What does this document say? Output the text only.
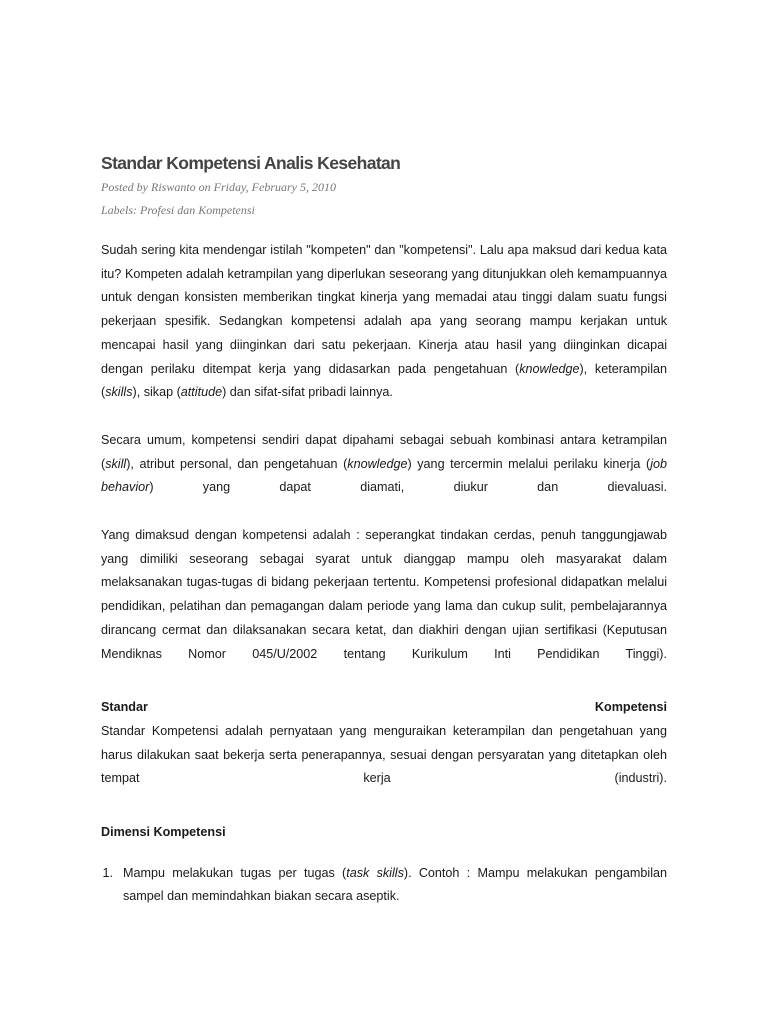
Standar Kompetensi Analis Kesehatan
Posted by Riswanto on Friday, February 5, 2010
Labels: Profesi dan Kompetensi

Sudah sering kita mendengar istilah "kompeten" dan "kompetensi". Lalu apa maksud dari kedua kata itu? Kompeten adalah ketrampilan yang diperlukan seseorang yang ditunjukkan oleh kemampuannya untuk dengan konsisten memberikan tingkat kinerja yang memadai atau tinggi dalam suatu fungsi pekerjaan spesifik. Sedangkan kompetensi adalah apa yang seorang mampu kerjakan untuk mencapai hasil yang diinginkan dari satu pekerjaan. Kinerja atau hasil yang diinginkan dicapai dengan perilaku ditempat kerja yang didasarkan pada pengetahuan (knowledge), keterampilan (skills), sikap (attitude) dan sifat-sifat pribadi lainnya.

Secara umum, kompetensi sendiri dapat dipahami sebagai sebuah kombinasi antara ketrampilan (skill), atribut personal, dan pengetahuan (knowledge) yang tercermin melalui perilaku kinerja (job behavior) yang dapat diamati, diukur dan dievaluasi.

Yang dimaksud dengan kompetensi adalah : seperangkat tindakan cerdas, penuh tanggungjawab yang dimiliki seseorang sebagai syarat untuk dianggap mampu oleh masyarakat dalam melaksanakan tugas-tugas di bidang pekerjaan tertentu. Kompetensi profesional didapatkan melalui pendidikan, pelatihan dan pemagangan dalam periode yang lama dan cukup sulit, pembelajarannya dirancang cermat dan dilaksanakan secara ketat, dan diakhiri dengan ujian sertifikasi (Keputusan Mendiknas Nomor 045/U/2002 tentang Kurikulum Inti Pendidikan Tinggi).

Standar	Kompetensi

Standar Kompetensi adalah pernyataan yang menguraikan keterampilan dan pengetahuan yang harus dilakukan saat bekerja serta penerapannya, sesuai dengan persyaratan yang ditetapkan oleh tempat kerja (industri).

Dimensi Kompetensi

1. Mampu melakukan tugas per tugas (task skills). Contoh : Mampu melakukan pengambilan sampel dan memindahkan biakan secara aseptik.
